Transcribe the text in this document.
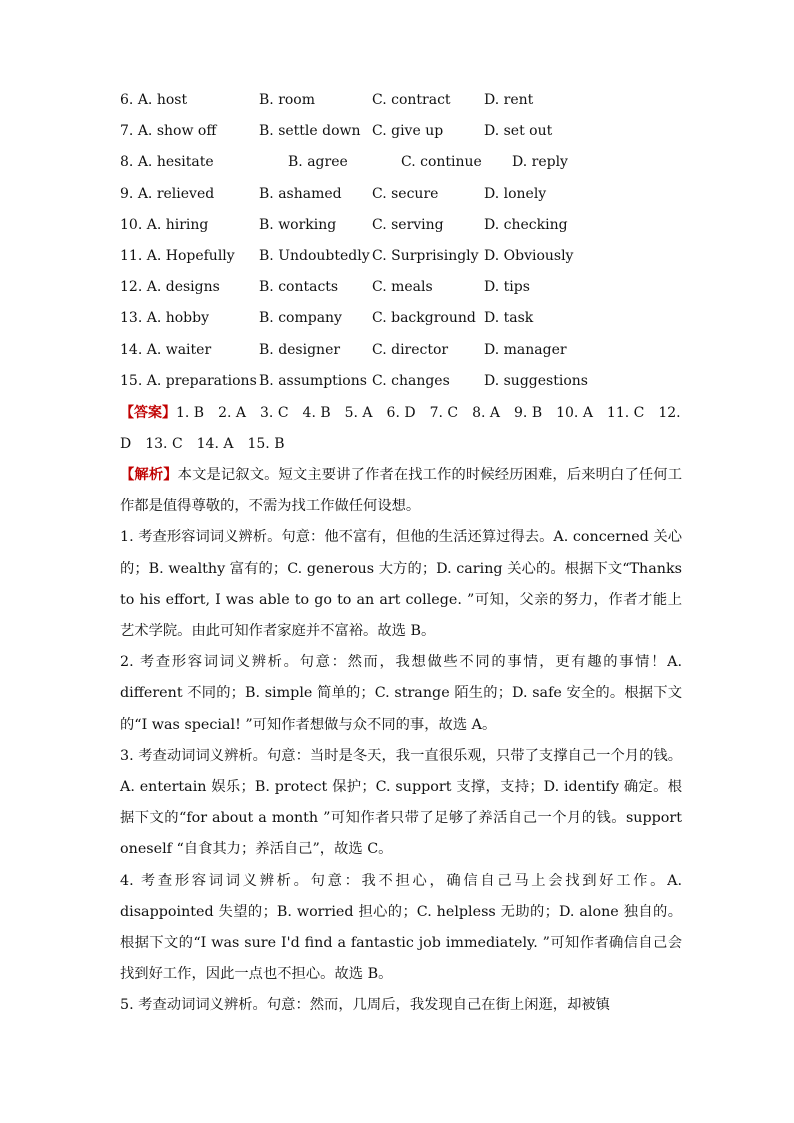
6. A. host	B. room	C. contract D. rent
7. A. show off	B. settle down C. give up	D. set out
8. A. hesitate	B. agree	C. continue D. reply
9. A. relieved	B. ashamed C. secure	D. lonely
10. A. hiring	B. working	C. serving	D. checking
11. A. Hopefully B. Undoubtedly C. Surprisingly D. Obviously
12. A. designs	B. contacts C. meals	D. tips
13. A. hobby	B. company C. background D. task
14. A. waiter	B. designer C. director	D. manager
15. A. preparations B. assumptions C. changes D. suggestions
【答案】1. B　2. A　3. C　4. B　5. A　6. D　7. C　8. A　9. B　10. A　11. C　12. D　13. C　14. A　15. B

【解析】本文是记叙文。短文主要讲了作者在找工作的时候经历困难，后来明白了任何工作都是值得尊敬的，不需为找工作做任何设想。

1. 考查形容词词义辨析。句意：他不富有，但他的生活还算过得去。A. concerned 关心的；B. wealthy 富有的；C. generous 大方的；D. caring 关心的。根据下文“Thanks to his effort, I was able to go to an art college. ”可知，父亲的努力，作者才能上艺术学院。由此可知作者家庭并不富裕。故选 B。

2. 考查形容词词义辨析。句意：然而，我想做些不同的事情，更有趣的事情！A. different 不同的；B. simple 简单的；C. strange 陌生的；D. safe 安全的。根据下文的“I was special! ”可知作者想做与众不同的事，故选 A。

3. 考查动词词义辨析。句意：当时是冬天，我一直很乐观，只带了支撑自己一个月的钱。A. entertain 娱乐；B. protect 保护；C. support 支撑，支持；D. identify 确定。根据下文的“for about a month ”可知作者只带了足够了养活自己一个月的钱。support oneself “自食其力；养活自己”，故选 C。

4. 考查形容词词义辨析。句意：我不担心，确信自己马上会找到好工作。A. disappointed 失望的；B. worried 担心的；C. helpless 无助的；D. alone 独自的。根据下文的“I was sure I'd find a fantastic job immediately. ”可知作者确信自己会找到好工作，因此一点也不担心。故选 B。

5. 考查动词词义辨析。句意：然而，几周后，我发现自己在街上闲逛，却被镇
